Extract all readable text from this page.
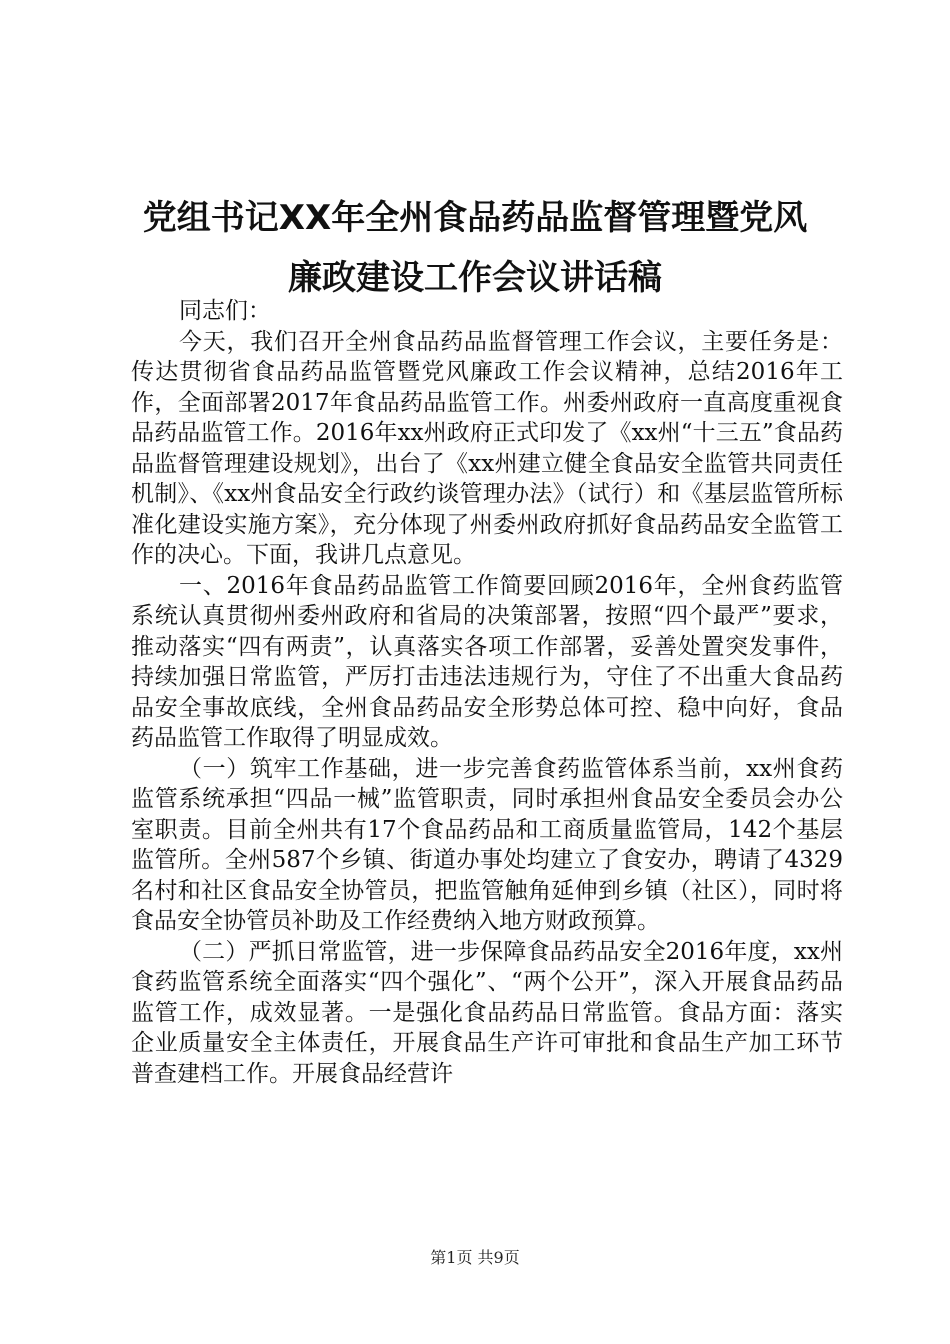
党组书记XX年全州食品药品监督管理暨党风
廉政建设工作会议讲话稿

同志们：

今天，我们召开全州食品药品监督管理工作会议，主要任务是：传达贯彻省食品药品监管暨党风廉政工作会议精神，总结2016年工作，全面部署2017年食品药品监管工作。州委州政府一直高度重视食品药品监管工作。2016年xx州政府正式印发了《xx州“十三五”食品药品监督管理建设规划》，出台了《xx州建立健全食品安全监管共同责任机制》、《xx州食品安全行政约谈管理办法》（试行）和《基层监管所标准化建设实施方案》，充分体现了州委州政府抓好食品药品安全监管工作的决心。下面，我讲几点意见。

一、2016年食品药品监管工作简要回顾2016年，全州食药监管系统认真贯彻州委州政府和省局的决策部署，按照“四个最严”要求，推动落实“四有两责”，认真落实各项工作部署，妥善处置突发事件，持续加强日常监管，严厉打击违法违规行为，守住了不出重大食品药品安全事故底线，全州食品药品安全形势总体可控、稳中向好，食品药品监管工作取得了明显成效。

（一）筑牢工作基础，进一步完善食药监管体系当前，xx州食药监管系统承担“四品一械”监管职责，同时承担州食品安全委员会办公室职责。目前全州共有17个食品药品和工商质量监管局，142个基层监管所。全州587个乡镇、街道办事处均建立了食安办，聘请了4329名村和社区食品安全协管员，把监管触角延伸到乡镇（社区），同时将食品安全协管员补助及工作经费纳入地方财政预算。

（二）严抓日常监管，进一步保障食品药品安全2016年度，xx州食药监管系统全面落实“四个强化”、“两个公开”，深入开展食品药品监管工作，成效显著。一是强化食品药品日常监管。食品方面：落实企业质量安全主体责任，开展食品生产许可审批和食品生产加工环节普查建档工作。开展食品经营许

第1页 共9页
